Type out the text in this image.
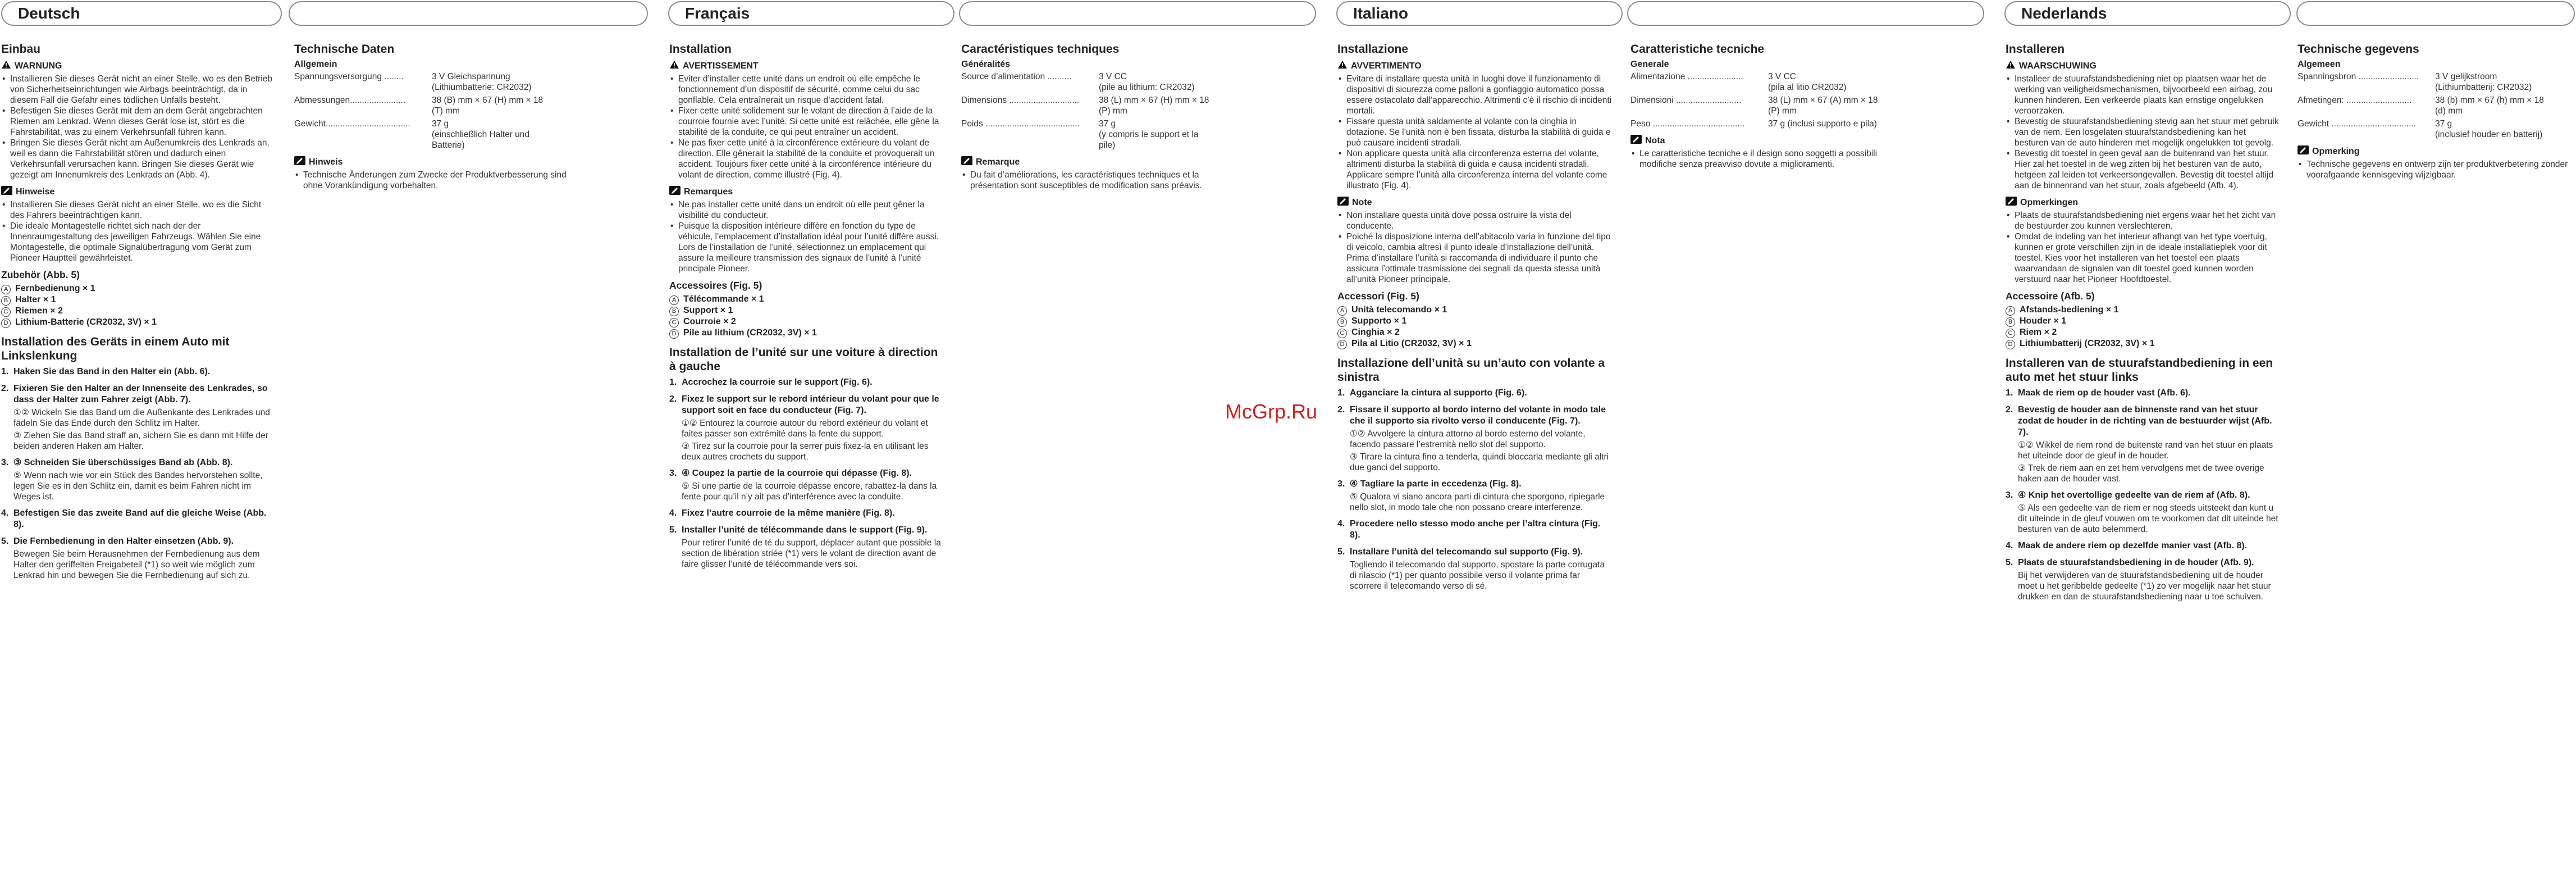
Deutsch	Français	Italiano	Nederlands
Einbau
WARNUNG
• Installieren Sie dieses Gerät nicht an einer Stelle, wo es den Betrieb von Sicherheitseinrichtungen wie Airbags beeinträchtigt, da in diesem Fall die Gefahr eines tödlichen Unfalls besteht.
• Befestigen Sie dieses Gerät mit dem an dem Gerät angebrachten Riemen am Lenkrad. Wenn dieses Gerät lose ist, stört es die Fahrstabilität, was zu einem Verkehrsunfall führen kann.
• Bringen Sie dieses Gerät nicht am Außenumkreis des Lenkrads an, weil es dann die Fahrstabilität stören und dadurch einen Verkehrsunfall verursachen kann. Bringen Sie dieses Gerät wie gezeigt am Innenumkreis des Lenkrads an (Abb. 4).
Hinweise
• Installieren Sie dieses Gerät nicht an einer Stelle, wo es die Sicht des Fahrers beeinträchtigen kann.
• Die ideale Montagestelle richtet sich nach der der Innenraumgestaltung des jeweiligen Fahrzeugs. Wählen Sie eine Montagestelle, die optimale Signalübertragung vom Gerät zum Pioneer Hauptteil gewährleistet.
Zubehör (Abb. 5)
A Fernbedienung × 1
B Halter × 1
C Riemen × 2
D Lithium-Batterie (CR2032, 3V) × 1
Installation des Geräts in einem Auto mit Linkslenkung
1. Haken Sie das Band in den Halter ein (Abb. 6).
2. Fixieren Sie den Halter an der Innenseite des Lenkrades, so dass der Halter zum Fahrer zeigt (Abb. 7).
①② Wickeln Sie das Band um die Außenkante des Lenkrades und fädeln Sie das Ende durch den Schlitz im Halter.
③ Ziehen Sie das Band straff an, sichern Sie es dann mit Hilfe der beiden anderen Haken am Halter.
3. ③ Schneiden Sie überschüssiges Band ab (Abb. 8).
⑤ Wenn nach wie vor ein Stück des Bandes hervorstehen sollte, legen Sie es in den Schlitz ein, damit es beim Fahren nicht im Weges ist.
4. Befestigen Sie das zweite Band auf die gleiche Weise (Abb. 8).
5. Die Fernbedienung in den Halter einsetzen (Abb. 9).
Bewegen Sie beim Herausnehmen der Fernbedienung aus dem Halter den geriffelten Freigabeteil (*1) so weit wie möglich zum Lenkrad hin und bewegen Sie die Fernbedienung auf sich zu.
Technische Daten
Allgemein
Spannungsversorgung ........	3 V Gleichspannung
(Lithiumbatterie: CR2032)
Abmessungen.......................	38 (B) mm × 67 (H) mm × 18
(T) mm
Gewicht...................................	37 g
(einschließlich Halter und
Batterie)
Hinweis
• Technische Änderungen zum Zwecke der Produktverbesserung sind ohne Vorankündigung vorbehalten.
Installation
AVERTISSEMENT
• Eviter d’installer cette unité dans un endroit où elle empêche le fonctionnement d’un dispositif de sécurité, comme celui du sac gonflable. Cela entraînerait un risque d’accident fatal.
• Fixer cette unité solidement sur le volant de direction à l’aide de la courroie fournie avec l’unité. Si cette unité est relâchée, elle gêne la stabilité de la conduite, ce qui peut entraîner un accident.
• Ne pas fixer cette unité à la circonférence extérieure du volant de direction. Elle gênerait la stabilité de la conduite et provoquerait un accident. Toujours fixer cette unité à la circonférence intérieure du volant de direction, comme illustré (Fig. 4).
Remarques
• Ne pas installer cette unité dans un endroit où elle peut gêner la visibilité du conducteur.
• Puisque la disposition intérieure diffère en fonction du type de véhicule, l’emplacement d’installation idéal pour l’unité diffère aussi. Lors de l’installation de l’unité, sélectionnez un emplacement qui assure la meilleure transmission des signaux de l’unité à l’unité principale Pioneer.
Accessoires (Fig. 5)
A Télécommande × 1
B Support × 1
C Courroie × 2
D Pile au lithium (CR2032, 3V) × 1
Installation de l’unité sur une voiture à direction à gauche
1. Accrochez la courroie sur le support (Fig. 6).
2. Fixez le support sur le rebord intérieur du volant pour que le support soit en face du conducteur (Fig. 7).
①② Entourez la courroie autour du rebord extérieur du volant et faites passer son extrémité dans la fente du support.
③ Tirez sur la courroie pour la serrer puis fixez-la en utilisant les deux autres crochets du support.
3. ④ Coupez la partie de la courroie qui dépasse (Fig. 8).
⑤ Si une partie de la courroie dépasse encore, rabattez-la dans la fente pour qu’il n’y ait pas d’interférence avec la conduite.
4. Fixez l’autre courroie de la même manière (Fig. 8).
5. Installer l’unité de télécommande dans le support (Fig. 9).
Pour retirer l’unité de té du support, déplacer autant que possible la section de libération striée (*1) vers le volant de direction avant de faire glisser l’unité de télécommande vers soi.
Caractéristiques techniques
Généralités
Source d’alimentation ..........	3 V CC
(pile au lithium: CR2032)
Dimensions .............................	38 (L) mm × 67 (H) mm × 18
(P) mm
Poids .......................................	37 g
(y compris le support et la
pile)
Remarque
• Du fait d’améliorations, les caractéristiques techniques et la présentation sont susceptibles de modification sans préavis.
Installazione
AVVERTIMENTO
• Evitare di installare questa unità in luoghi dove il funzionamento di dispositivi di sicurezza come palloni a gonfiaggio automatico possa essere ostacolato dall’apparecchio. Altrimenti c’è il rischio di incidenti mortali.
• Fissare questa unità saldamente al volante con la cinghia in dotazione. Se l’unità non è ben fissata, disturba la stabilità di guida e può causare incidenti stradali.
• Non applicare questa unità alla circonferenza esterna del volante, altrimenti disturba la stabilità di guida e causa incidenti stradali. Applicare sempre l’unità alla circonferenza interna del volante come illustrato (Fig. 4).
Note
• Non installare questa unità dove possa ostruire la vista del conducente.
• Poiché la disposizione interna dell’abitacolo varia in funzione del tipo di veicolo, cambia altresì il punto ideale d’installazione dell’unità. Prima d’installare l’unità si raccomanda di individuare il punto che assicura l’ottimale trasmissione dei segnali da questa stessa unità all’unità Pioneer principale.
Accessori (Fig. 5)
A Unità telecomando × 1
B Supporto × 1
C Cinghia × 2
D Pila al Litio (CR2032, 3V) × 1
Installazione dell’unità su un’auto con volante a sinistra
1. Agganciare la cintura al supporto (Fig. 6).
2. Fissare il supporto al bordo interno del volante in modo tale che il supporto sia rivolto verso il conducente (Fig. 7).
①② Avvolgere la cintura attorno al bordo esterno del volante, facendo passare l’estremità nello slot del supporto.
③ Tirare la cintura fino a tenderla, quindi bloccarla mediante gli altri due ganci del supporto.
3. ④ Tagliare la parte in eccedenza (Fig. 8).
⑤ Qualora vi siano ancora parti di cintura che sporgono, ripiegarle nello slot, in modo tale che non possano creare interferenze.
4. Procedere nello stesso modo anche per l’altra cintura (Fig. 8).
5. Installare l’unità del telecomando sul supporto (Fig. 9).
Togliendo il telecomando dal supporto, spostare la parte corrugata di rilascio (*1) per quanto possibile verso il volante prima far scorrere il telecomando verso di sé.
Caratteristiche tecniche
Generale
Alimentazione .......................	3 V CC
(pila al litio CR2032)
Dimensioni ...........................	38 (L) mm × 67 (A) mm × 18
(P) mm
Peso ......................................	37 g (inclusi supporto e pila)
Nota
• Le caratteristiche tecniche e il design sono soggetti a possibili modifiche senza preavviso dovute a miglioramenti.
Installeren
WAARSCHUWING
• Installeer de stuurafstandsbediening niet op plaatsen waar het de werking van veiligheidsmechanismen, bijvoorbeeld een airbag, zou kunnen hinderen. Een verkeerde plaats kan ernstige ongelukken veroorzaken.
• Bevestig de stuurafstandsbediening stevig aan het stuur met gebruik van de riem. Een losgelaten stuurafstandsbediening kan het besturen van de auto hinderen met mogelijk ongelukken tot gevolg.
• Bevestig dit toestel in geen geval aan de buitenrand van het stuur. Hier zal het toestel in de weg zitten bij het besturen van de auto, hetgeen zal leiden tot verkeersongevallen. Bevestig dit toestel altijd aan de binnenrand van het stuur, zoals afgebeeld (Afb. 4).
Opmerkingen
• Plaats de stuurafstandsbediening niet ergens waar het het zicht van de bestuurder zou kunnen verslechteren.
• Omdat de indeling van het interieur afhangt van het type voertuig, kunnen er grote verschillen zijn in de ideale installatieplek voor dit toestel. Kies voor het installeren van het toestel een plaats waarvandaan de signalen van dit toestel goed kunnen worden verstuurd naar het Pioneer Hoofdtoestel.
Accessoire (Afb. 5)
A Afstands-bediening × 1
B Houder × 1
C Riem × 2
D Lithiumbatterij (CR2032, 3V) × 1
Installeren van de stuurafstandbediening in een auto met het stuur links
1. Maak de riem op de houder vast (Afb. 6).
2. Bevestig de houder aan de binnenste rand van het stuur zodat de houder in de richting van de bestuurder wijst (Afb. 7).
①② Wikkel de riem rond de buitenste rand van het stuur en plaats het uiteinde door de gleuf in de houder.
③ Trek de riem aan en zet hem vervolgens met de twee overige haken aan de houder vast.
3. ④ Knip het overtollige gedeelte van de riem af (Afb. 8).
⑤ Als een gedeelte van de riem er nog steeds uitsteekt dan kunt u dit uiteinde in de gleuf vouwen om te voorkomen dat dit uiteinde het besturen van de auto belemmerd.
4. Maak de andere riem op dezelfde manier vast (Afb. 8).
5. Plaats de stuurafstandsbediening in de houder (Afb. 9).
Bij het verwijderen van de stuurafstandsbediening uit de houder moet u het geribbelde gedeelte (*1) zo ver mogelijk naar het stuur drukken en dan de stuurafstandsbediening naar u toe schuiven.
Technische gegevens
Algemeen
Spanningsbron .........................	3 V gelijkstroom
(Lithiumbatterij: CR2032)
Afmetingen: ...........................	38 (b) mm × 67 (h) mm × 18
(d) mm
Gewicht ...................................	37 g
(inclusief houder en batterij)
Opmerking
• Technische gegevens en ontwerp zijn ter produktverbetering zonder voorafgaande kennisgeving wijzigbaar.
McGrp.Ru
